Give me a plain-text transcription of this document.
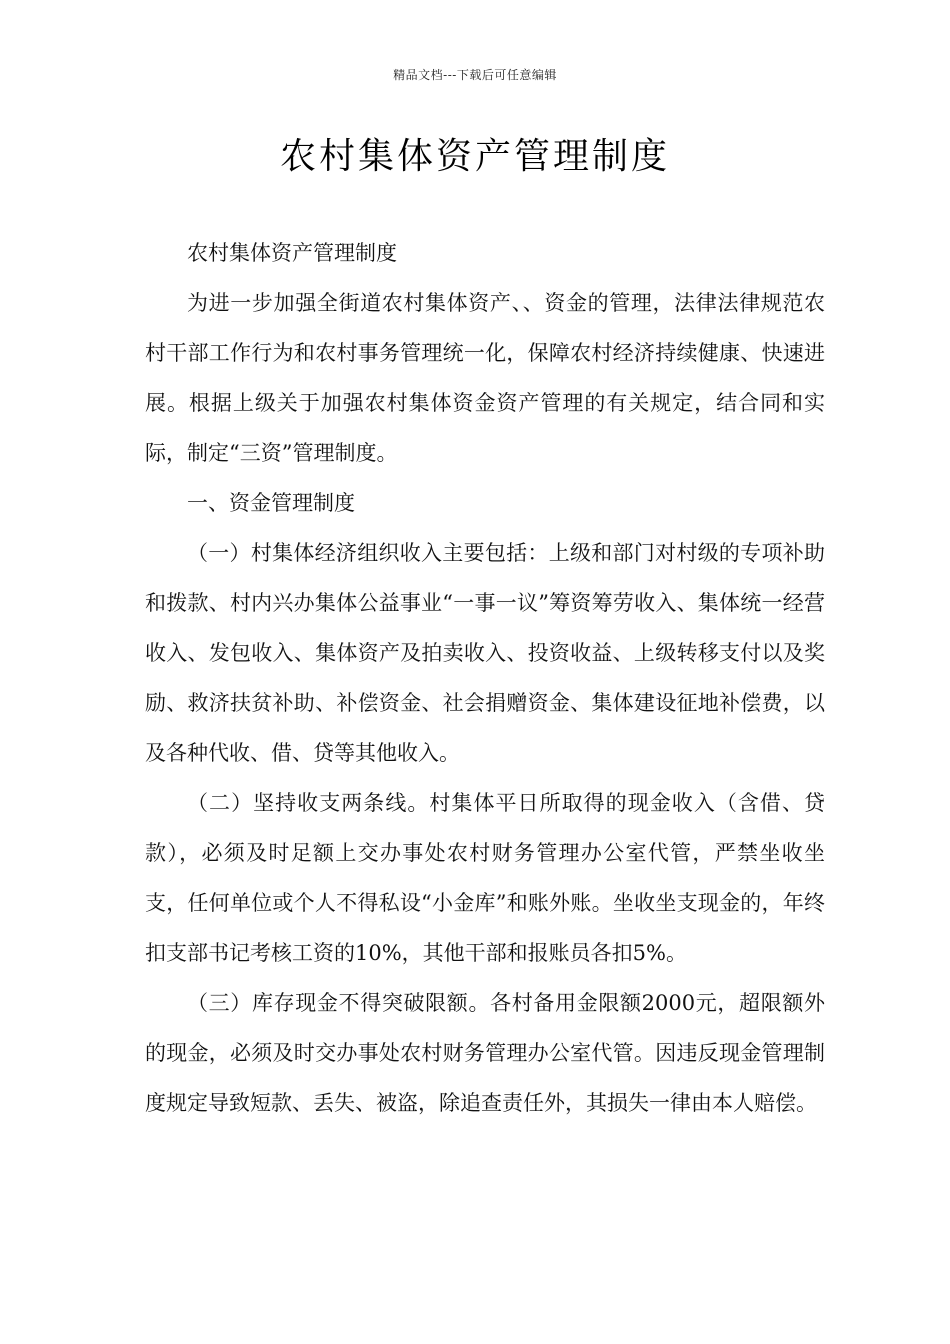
精品文档---下载后可任意编辑
农村集体资产管理制度

农村集体资产管理制度

为进一步加强全街道农村集体资产、、资金的管理，法律法律规范农村干部工作行为和农村事务管理统一化，保障农村经济持续健康、快速进展。根据上级关于加强农村集体资金资产管理的有关规定，结合同和实际，制定“三资”管理制度。

一、资金管理制度

（一）村集体经济组织收入主要包括：上级和部门对村级的专项补助和拨款、村内兴办集体公益事业“一事一议”筹资筹劳收入、集体统一经营收入、发包收入、集体资产及拍卖收入、投资收益、上级转移支付以及奖励、救济扶贫补助、补偿资金、社会捐赠资金、集体建设征地补偿费，以及各种代收、借、贷等其他收入。

（二）坚持收支两条线。村集体平日所取得的现金收入（含借、贷款），必须及时足额上交办事处农村财务管理办公室代管，严禁坐收坐支，任何单位或个人不得私设“小金库”和账外账。坐收坐支现金的，年终扣支部书记考核工资的10%，其他干部和报账员各扣5%。

（三）库存现金不得突破限额。各村备用金限额2000元，超限额外的现金，必须及时交办事处农村财务管理办公室代管。因违反现金管理制度规定导致短款、丢失、被盗，除追查责任外，其损失一律由本人赔偿。
